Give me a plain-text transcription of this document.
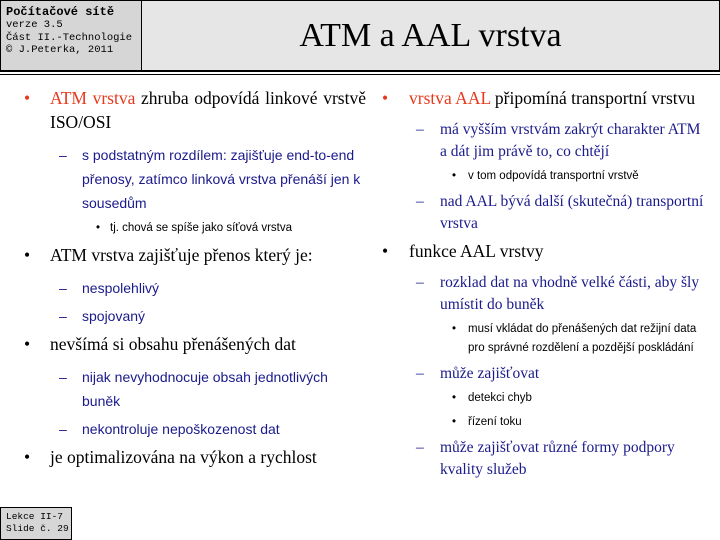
Počítačové sítě
verze 3.5
Část II.-Technologie
© J.Peterka, 2011	ATM a AAL vrstva
• ATM vrstva zhruba odpovídá linkové vrstvě ISO/OSI
– s podstatným rozdílem: zajišťuje end-to-end přenosy, zatímco linková vrstva přenáší jen k sousedům
• tj. chová se spíše jako síťová vrstva
• ATM vrstva zajišťuje přenos který je:
– nespolehlivý
– spojovaný
• nevšímá si obsahu přenášených dat
– nijak nevyhodnocuje obsah jednotlivých buněk
– nekontroluje nepoškozenost dat
• je optimalizována na výkon a rychlost
• vrstva AAL připomíná transportní vrstvu
– má vyšším vrstvám zakrýt charakter ATM a dát jim právě to, co chtějí
• v tom odpovídá transportní vrstvě
– nad AAL bývá další (skutečná) transportní vrstva
• funkce AAL vrstvy
– rozklad dat na vhodně velké části, aby šly umístit do buněk
• musí vkládat do přenášených dat režijní data pro správné rozdělení a pozdější poskládání
– může zajišťovat
• detekci chyb
• řízení toku
– může zajišťovat různé formy podpory kvality služeb
Lekce II-7
Slide č. 29
